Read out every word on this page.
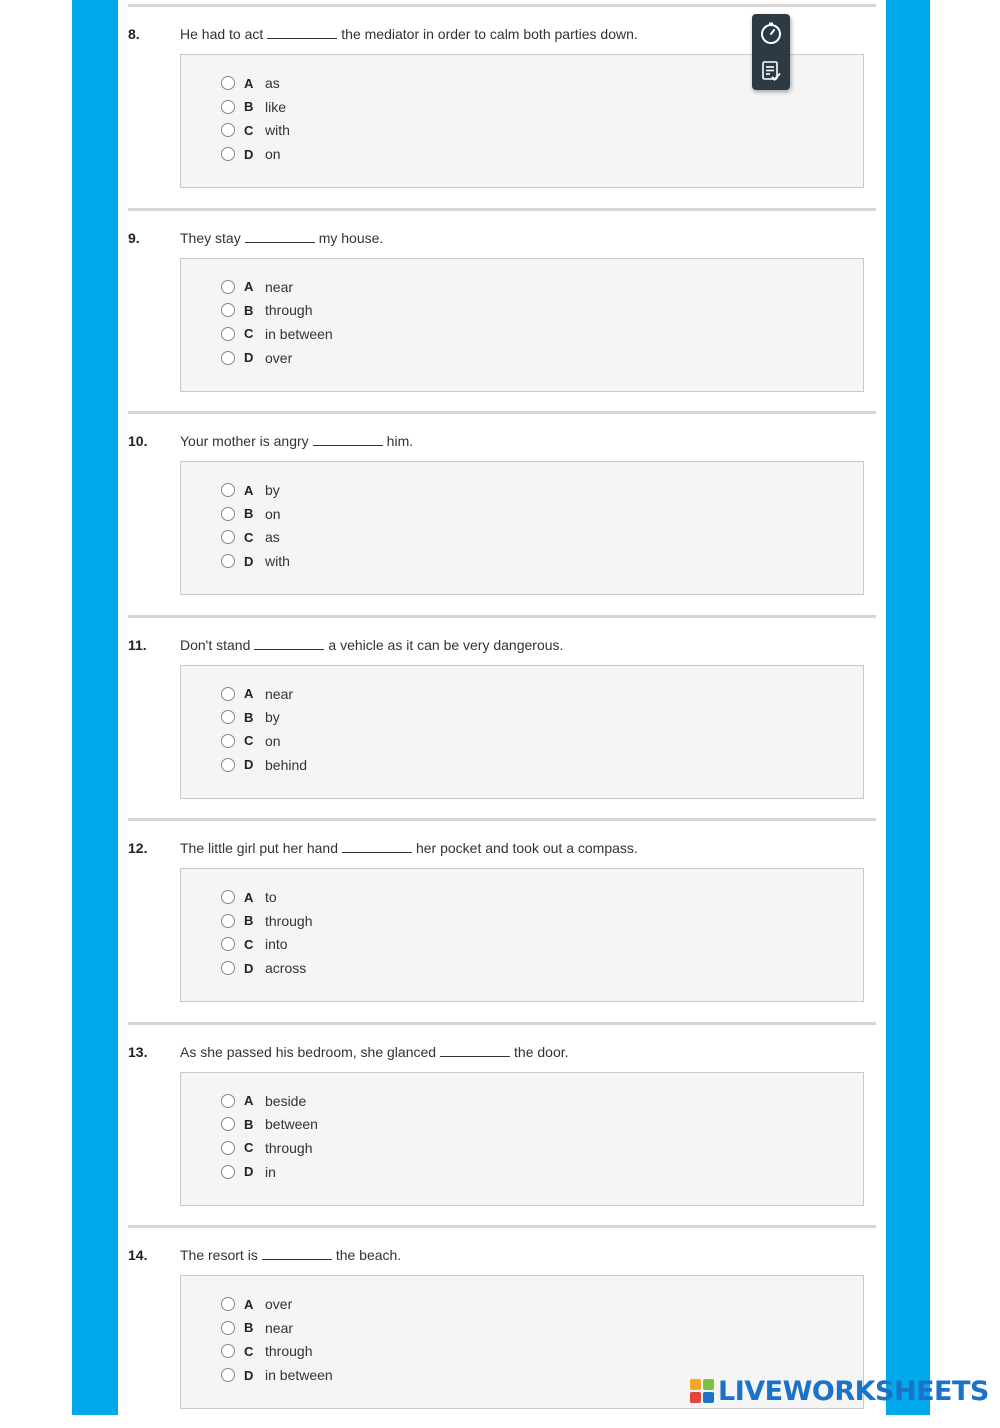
8.	He had to act	the mediator in order to calm both parties down.
A as
B like
C with
D on
9.	They stay	my house.
A near
B through
C in between
D over
10. Your mother is angry	him.
A by
B on
C as
D with
11. Don't stand	a vehicle as it can be very dangerous.
A near
B by
C on
D behind
12. The little girl put her hand	her pocket and took out a compass.
A to
B through
C into
D across
13. As she passed his bedroom, she glanced	the door.
A beside
B between
C through
D in
14. The resort is	the beach.
A over
B near
C through
D in between
LIVEWORKSHEETS
